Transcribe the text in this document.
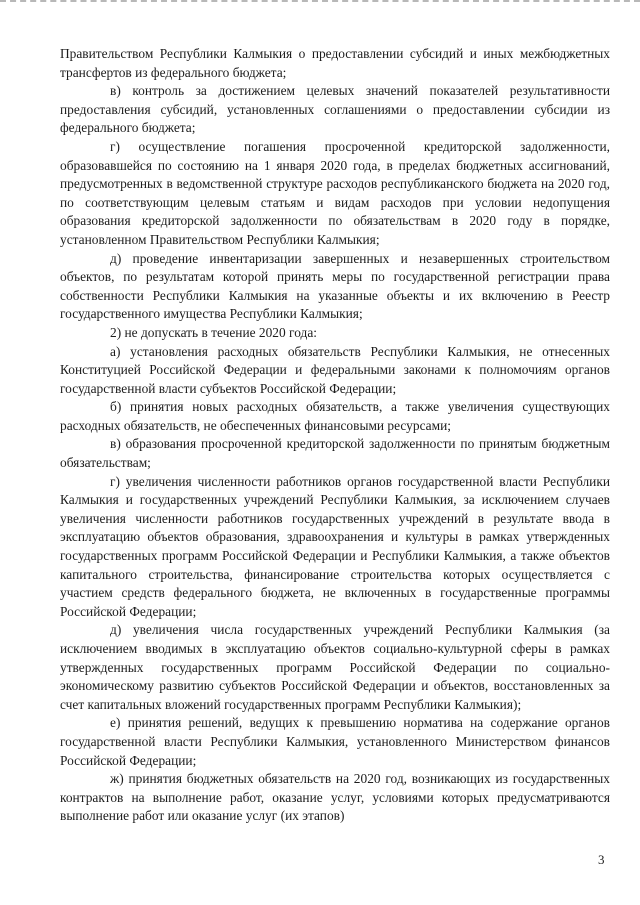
Правительством Республики Калмыкия о предоставлении субсидий и иных межбюджетных трансфертов из федерального бюджета;

в) контроль за достижением целевых значений показателей результативности предоставления субсидий, установленных соглашениями о предоставлении субсидии из федерального бюджета;

г) осуществление погашения просроченной кредиторской задолженности, образовавшейся по состоянию на 1 января 2020 года, в пределах бюджетных ассигнований, предусмотренных в ведомственной структуре расходов республиканского бюджета на 2020 год, по соответствующим целевым статьям и видам расходов при условии недопущения образования кредиторской задолженности по обязательствам в 2020 году в порядке, установленном Правительством Республики Калмыкия;

д) проведение инвентаризации завершенных и незавершенных строительством объектов, по результатам которой принять меры по государственной регистрации права собственности Республики Калмыкия на указанные объекты и их включению в Реестр государственного имущества Республики Калмыкия;

2) не допускать в течение 2020 года:

а) установления расходных обязательств Республики Калмыкия, не отнесенных Конституцией Российской Федерации и федеральными законами к полномочиям органов государственной власти субъектов Российской Федерации;

б) принятия новых расходных обязательств, а также увеличения существующих расходных обязательств, не обеспеченных финансовыми ресурсами;

в) образования просроченной кредиторской задолженности по принятым бюджетным обязательствам;

г) увеличения численности работников органов государственной власти Республики Калмыкия и государственных учреждений Республики Калмыкия, за исключением случаев увеличения численности работников государственных учреждений в результате ввода в эксплуатацию объектов образования, здравоохранения и культуры в рамках утвержденных государственных программ Российской Федерации и Республики Калмыкия, а также объектов капитального строительства, финансирование строительства которых осуществляется с участием средств федерального бюджета, не включенных в государственные программы Российской Федерации;

д) увеличения числа государственных учреждений Республики Калмыкия (за исключением вводимых в эксплуатацию объектов социально-культурной сферы в рамках утвержденных государственных программ Российской Федерации по социально-экономическому развитию субъектов Российской Федерации и объектов, восстановленных за счет капитальных вложений государственных программ Республики Калмыкия);

е) принятия решений, ведущих к превышению норматива на содержание органов государственной власти Республики Калмыкия, установленного Министерством финансов Российской Федерации;

ж) принятия бюджетных обязательств на 2020 год, возникающих из государственных контрактов на выполнение работ, оказание услуг, условиями которых предусматриваются выполнение работ или оказание услуг (их этапов)

3
